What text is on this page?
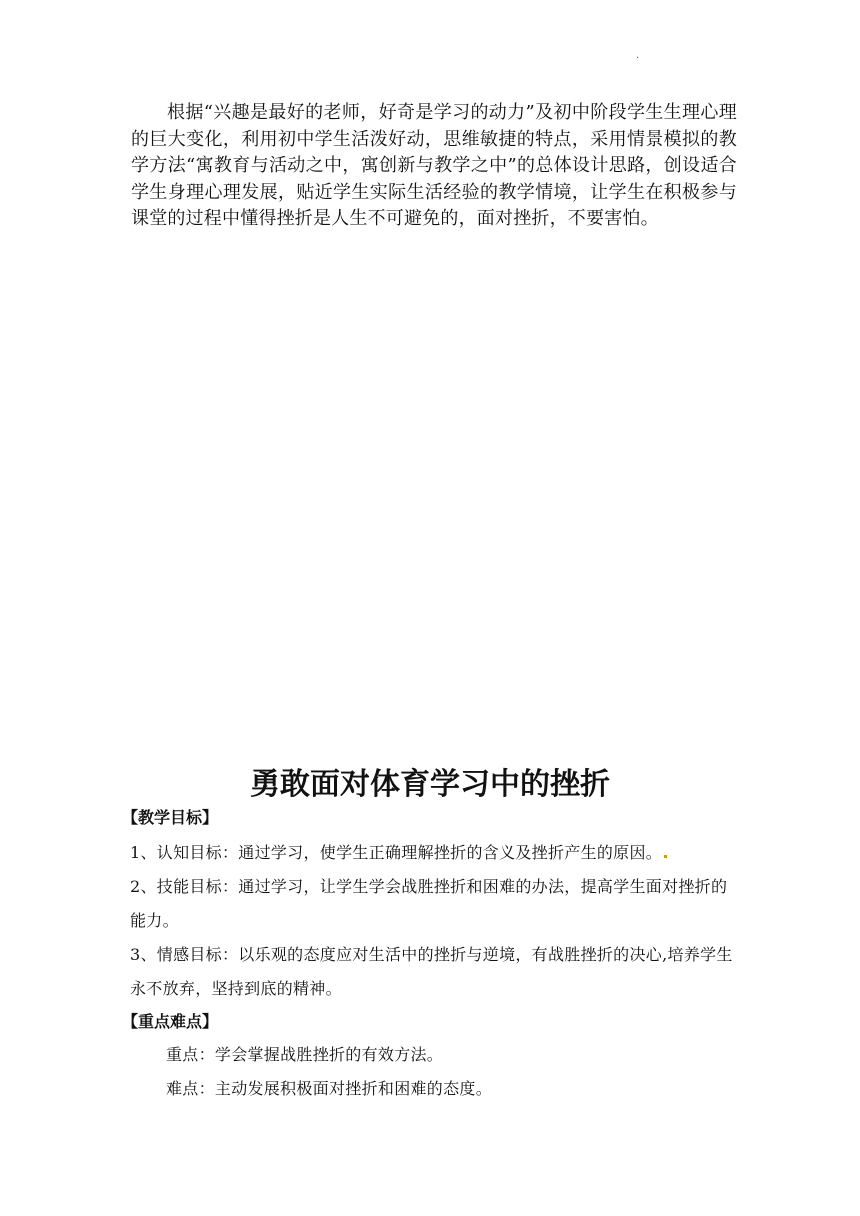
·

根据“兴趣是最好的老师，好奇是学习的动力”及初中阶段学生生理心理的巨大变化，利用初中学生活泼好动，思维敏捷的特点，采用情景模拟的教学方法“寓教育与活动之中，寓创新与教学之中”的总体设计思路，创设适合学生身理心理发展，贴近学生实际生活经验的教学情境，让学生在积极参与课堂的过程中懂得挫折是人生不可避免的，面对挫折，不要害怕。

勇敢面对体育学习中的挫折
【教学目标】

1、认知目标：通过学习，使学生正确理解挫折的含义及挫折产生的原因。

2、技能目标：通过学习，让学生学会战胜挫折和困难的办法，提高学生面对挫折的能力。

3、情感目标：以乐观的态度应对生活中的挫折与逆境，有战胜挫折的决心,培养学生永不放弃，坚持到底的精神。

【重点难点】

重点：学会掌握战胜挫折的有效方法。

难点：主动发展积极面对挫折和困难的态度。
